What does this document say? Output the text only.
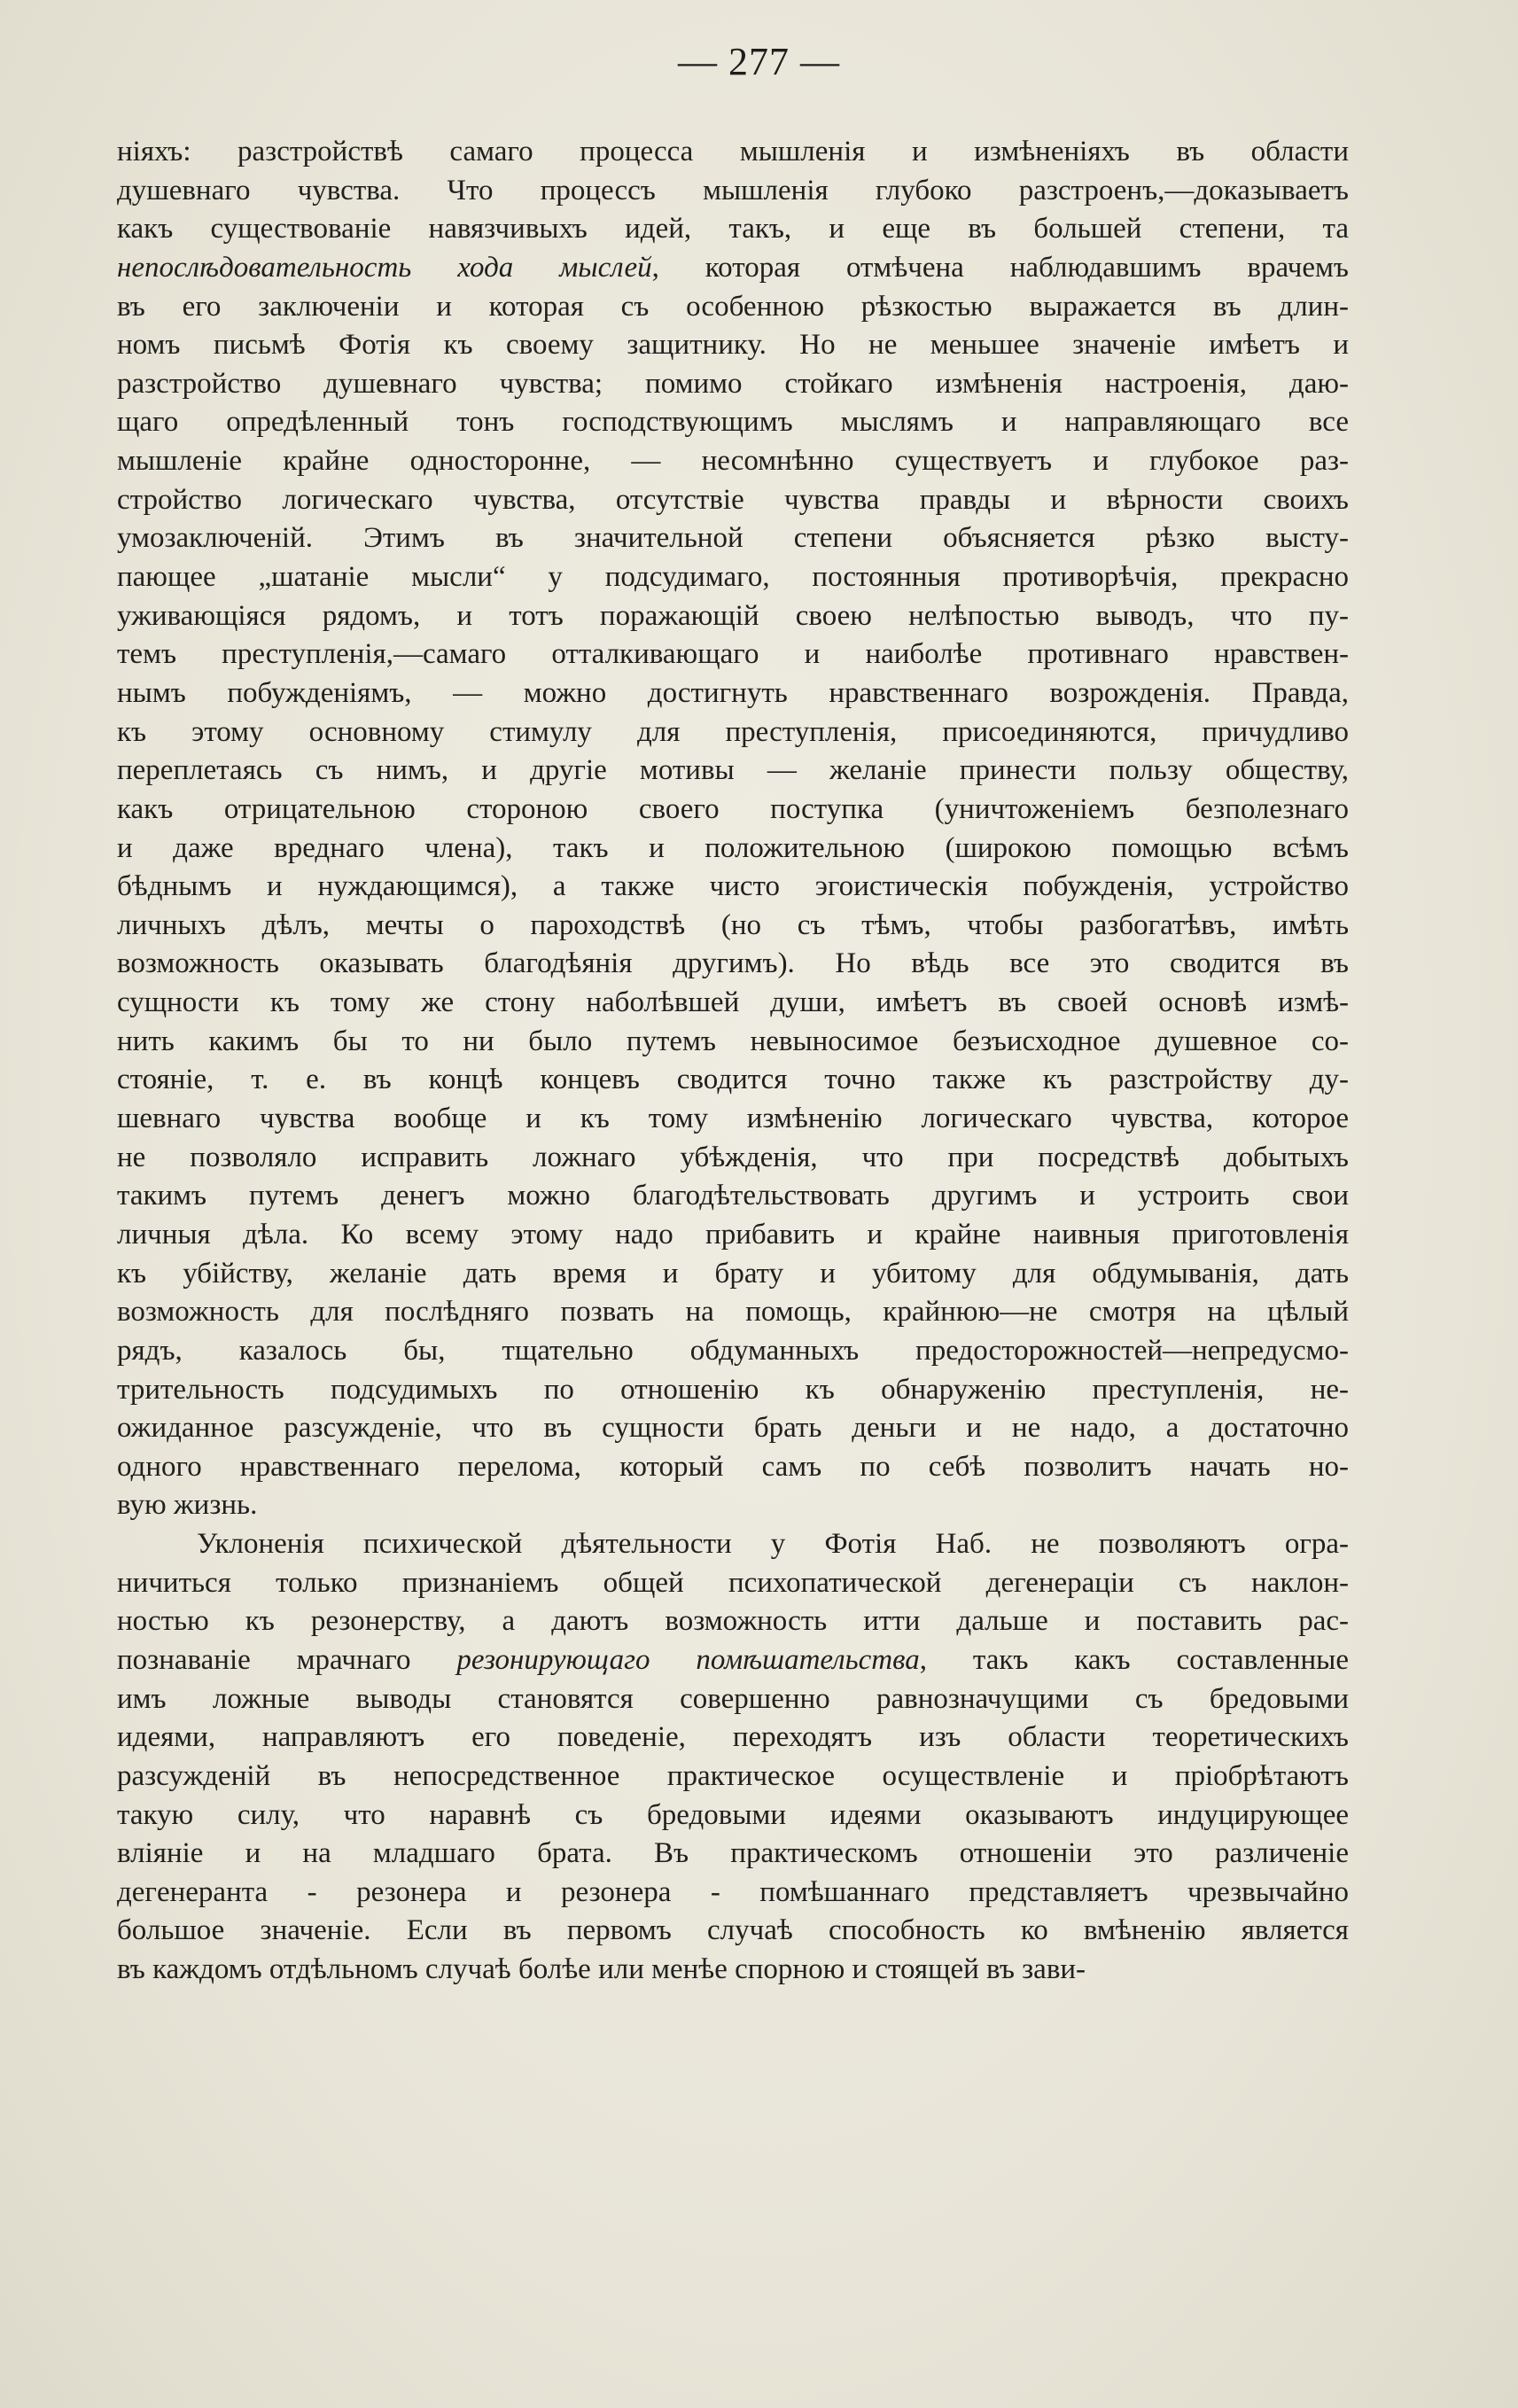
— 277 —
ніяхъ: разстройствѣ самаго процесса мышленія и измѣненіяхъ въ области
душевнаго чувства. Что процессъ мышленія глубоко разстроенъ,—доказываетъ
какъ существованіе навязчивыхъ идей, такъ, и еще въ большей степени, та
непослѣдовательность хода мыслей, которая отмѣчена наблюдавшимъ врачемъ
въ его заключеніи и которая съ особенною рѣзкостью выражается въ длин-
номъ письмѣ Фотія къ своему защитнику. Но не меньшее значеніе имѣетъ и
разстройство душевнаго чувства; помимо стойкаго измѣненія настроенія, даю-
щаго опредѣленный тонъ господствующимъ мыслямъ и направляющаго все
мышленіе крайне односторонне, — несомнѣнно существуетъ и глубокое раз-
стройство логическаго чувства, отсутствіе чувства правды и вѣрности своихъ
умозаключеній. Этимъ въ значительной степени объясняется рѣзко высту-
пающее „шатаніе мысли“ у подсудимаго, постоянныя противорѣчія, прекрасно
уживающіяся рядомъ, и тотъ поражающій своею нелѣпостью выводъ, что пу-
темъ преступленія,—самаго отталкивающаго и наиболѣе противнаго нравствен-
нымъ побужденіямъ, — можно достигнуть нравственнаго возрожденія. Правда,
къ этому основному стимулу для преступленія, присоединяются, причудливо
переплетаясь съ нимъ, и другіе мотивы — желаніе принести пользу обществу,
какъ отрицательною стороною своего поступка (уничтоженіемъ безполезнаго
и даже вреднаго члена), такъ и положительною (широкою помощью всѣмъ
бѣднымъ и нуждающимся), а также чисто эгоистическія побужденія, устройство
личныхъ дѣлъ, мечты о пароходствѣ (но съ тѣмъ, чтобы разбогатѣвъ, имѣть
возможность оказывать благодѣянія другимъ). Но вѣдь все это сводится въ
сущности къ тому же стону наболѣвшей души, имѣетъ въ своей основѣ измѣ-
нить какимъ бы то ни было путемъ невыносимое безъисходное душевное со-
стояніе, т. е. въ концѣ концевъ сводится точно также къ разстройству ду-
шевнаго чувства вообще и къ тому измѣненію логическаго чувства, которое
не позволяло исправить ложнаго убѣжденія, что при посредствѣ добытыхъ
такимъ путемъ денегъ можно благодѣтельствовать другимъ и устроить свои
личныя дѣла. Ко всему этому надо прибавить и крайне наивныя приготовленія
къ убійству, желаніе дать время и брату и убитому для обдумыванія, дать
возможность для послѣдняго позвать на помощь, крайнюю—не смотря на цѣлый
рядъ, казалось бы, тщательно обдуманныхъ предосторожностей—непредусмо-
трительность подсудимыхъ по отношенію къ обнаруженію преступленія, не-
ожиданное разсужденіе, что въ сущности брать деньги и не надо, а достаточно
одного нравственнаго перелома, который самъ по себѣ позволитъ начать но-
вую жизнь.
Уклоненія психической дѣятельности у Фотія Наб. не позволяютъ огра-
ничиться только признаніемъ общей психопатической дегенераціи съ наклон-
ностью къ резонерству, а даютъ возможность итти дальше и поставить рас-
познаваніе мрачнаго резонирующаго помѣшательства, такъ какъ составленные
имъ ложные выводы становятся совершенно равнозначущими съ бредовыми
идеями, направляютъ его поведеніе, переходятъ изъ области теоретическихъ
разсужденій въ непосредственное практическое осуществленіе и пріобрѣтаютъ
такую силу, что наравнѣ съ бредовыми идеями оказываютъ индуцирующее
вліяніе и на младшаго брата. Въ практическомъ отношеніи это различеніе
дегeнеранта - резонера и резонера - помѣшаннаго представляетъ чрезвычайно
большое значеніе. Если въ первомъ случаѣ способность ко вмѣненію является
въ каждомъ отдѣльномъ случаѣ болѣе или менѣе спорною и стоящей въ зави-
